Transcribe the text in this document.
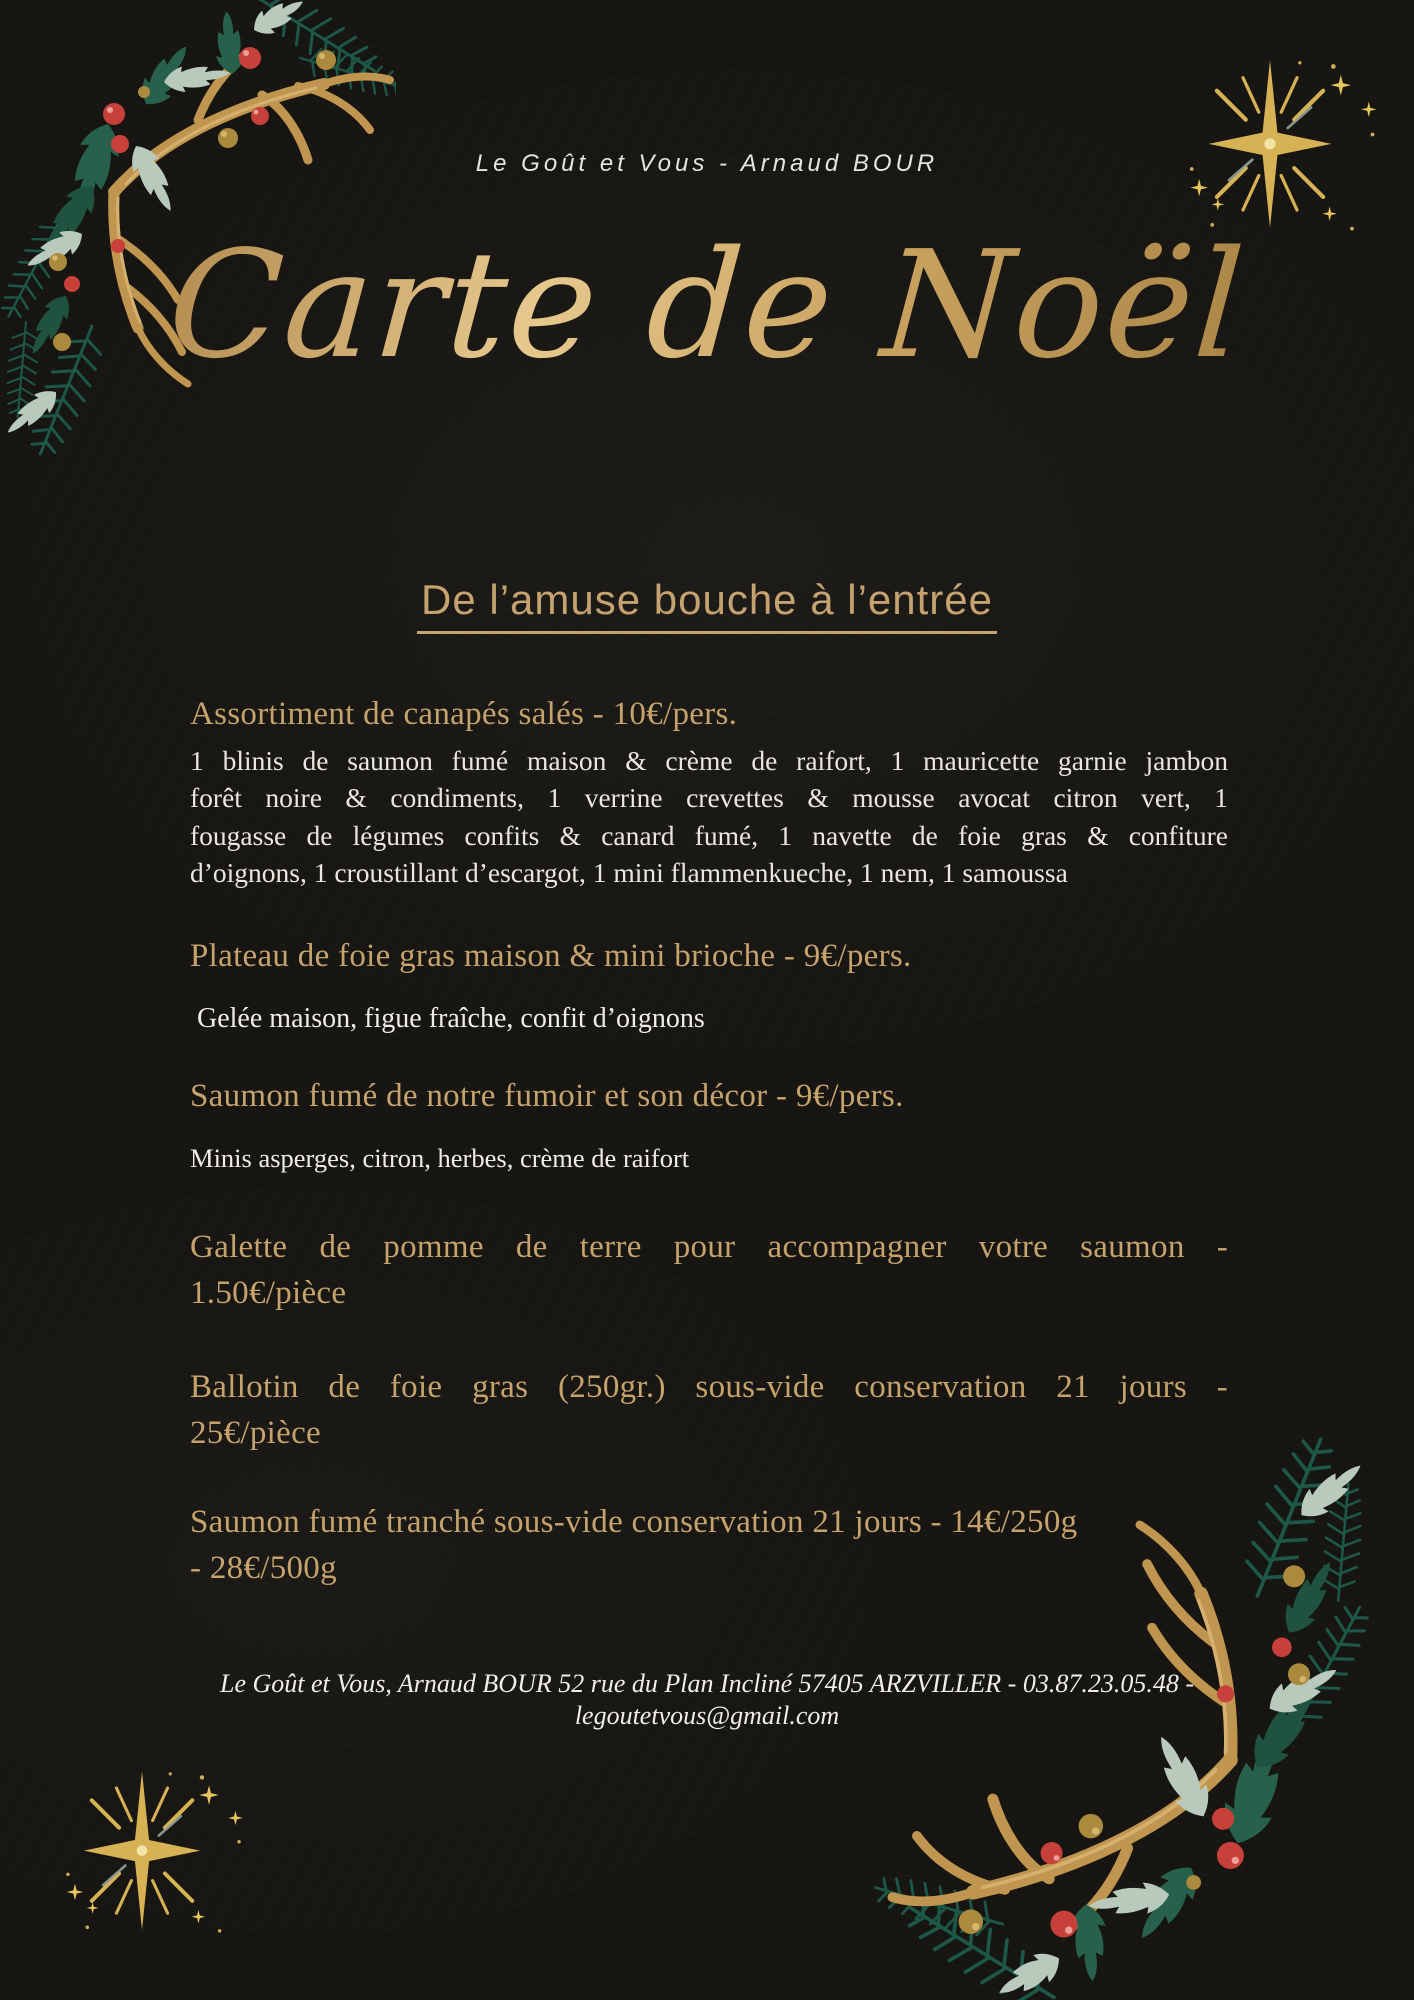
Le Goût et Vous - Arnaud BOUR
Carte de Noël
De l’amuse bouche à l’entrée
Assortiment de canapés salés - 10€/pers.
1 blinis de saumon fumé maison & crème de raifort, 1 mauricette garnie jambon
forêt noire & condiments, 1 verrine crevettes & mousse avocat citron vert, 1
fougasse de légumes confits & canard fumé, 1 navette de foie gras & confiture
d’oignons, 1 croustillant d’escargot, 1 mini flammenkueche, 1 nem, 1 samoussa
Plateau de foie gras maison & mini brioche - 9€/pers.
Gelée maison, figue fraîche, confit d’oignons
Saumon fumé de notre fumoir et son décor - 9€/pers.
Minis asperges, citron, herbes, crème de raifort
Galette de pomme de terre pour accompagner votre saumon -
1.50€/pièce
Ballotin de foie gras (250gr.) sous-vide conservation 21 jours -
25€/pièce
Saumon fumé tranché sous-vide conservation 21 jours - 14€/250g
- 28€/500g
Le Goût et Vous, Arnaud BOUR 52 rue du Plan Incliné 57405 ARZVILLER - 03.87.23.05.48 -
legoutetvous@gmail.com
